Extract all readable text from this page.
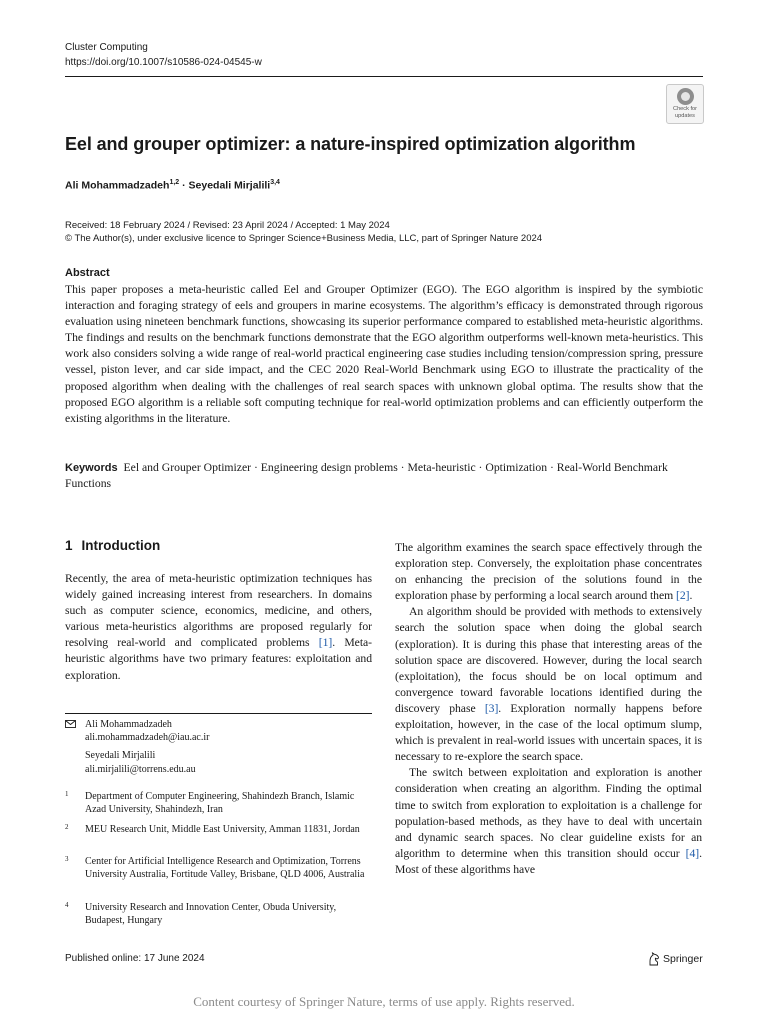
Cluster Computing
https://doi.org/10.1007/s10586-024-04545-w
Check for
updates
Eel and grouper optimizer: a nature-inspired optimization algorithm
Ali Mohammadzadeh$^{1,2}$ · Seyedali Mirjalili$^{3,4}$
Received: 18 February 2024 / Revised: 23 April 2024 / Accepted: 1 May 2024
© The Author(s), under exclusive licence to Springer Science+Business Media, LLC, part of Springer Nature 2024
Abstract
This paper proposes a meta-heuristic called Eel and Grouper Optimizer (EGO). The EGO algorithm is inspired by the symbiotic interaction and foraging strategy of eels and groupers in marine ecosystems. The algorithm’s efficacy is demonstrated through rigorous evaluation using nineteen benchmark functions, showcasing its superior performance compared to established meta-heuristic algorithms. The findings and results on the benchmark functions demonstrate that the EGO algorithm outperforms well-known meta-heuristics. This work also considers solving a wide range of real-world practical engineering case studies including tension/compression spring, pressure vessel, piston lever, and car side impact, and the CEC 2020 Real-World Benchmark using EGO to illustrate the practicality of the proposed algorithm when dealing with the challenges of real search spaces with unknown global optima. The results show that the proposed EGO algorithm is a reliable soft computing technique for real-world optimization problems and can efficiently outperform the existing algorithms in the literature.
Keywords Eel and Grouper Optimizer · Engineering design problems · Meta-heuristic · Optimization · Real-World Benchmark Functions
1 Introduction

Recently, the area of meta-heuristic optimization techniques has widely gained increasing interest from researchers. In domains such as computer science, economics, medicine, and others, various meta-heuristics algorithms are proposed regularly for resolving real-world and complicated problems [1]. Meta-heuristic algorithms have two primary features: exploitation and exploration.

The algorithm examines the search space effectively through the exploration step. Conversely, the exploitation phase concentrates on enhancing the precision of the solutions found in the exploration phase by performing a local search around them [2].

An algorithm should be provided with methods to extensively search the solution space when doing the global search (exploration). It is during this phase that interesting areas of the solution space are discovered. However, during the local search (exploitation), the focus should be on local optimum and convergence toward favorable locations identified during the discovery phase [3]. Exploration normally happens before exploitation, however, in the case of the local optimum slump, which is prevalent in real-world issues with uncertain spaces, it is necessary to re-explore the search space.

The switch between exploitation and exploration is another consideration when creating an algorithm. Finding the optimal time to switch from exploration to exploitation is a challenge for population-based methods, as they have to deal with uncertain and dynamic search spaces. No clear guideline exists for an algorithm to determine when this transition should occur [4]. Most of these algorithms have

Ali Mohammadzadeh
ali.mohammadzadeh@iau.ac.ir
Seyedali Mirjalili
ali.mirjalili@torrens.edu.au
1 Department of Computer Engineering, Shahindezh Branch, Islamic Azad University, Shahindezh, Iran
2 MEU Research Unit, Middle East University, Amman 11831, Jordan
3 Center for Artificial Intelligence Research and Optimization, Torrens University Australia, Fortitude Valley, Brisbane, QLD 4006, Australia
4 University Research and Innovation Center, Obuda University, Budapest, Hungary
Published online: 17 June 2024	Springer
Content courtesy of Springer Nature, terms of use apply. Rights reserved.
